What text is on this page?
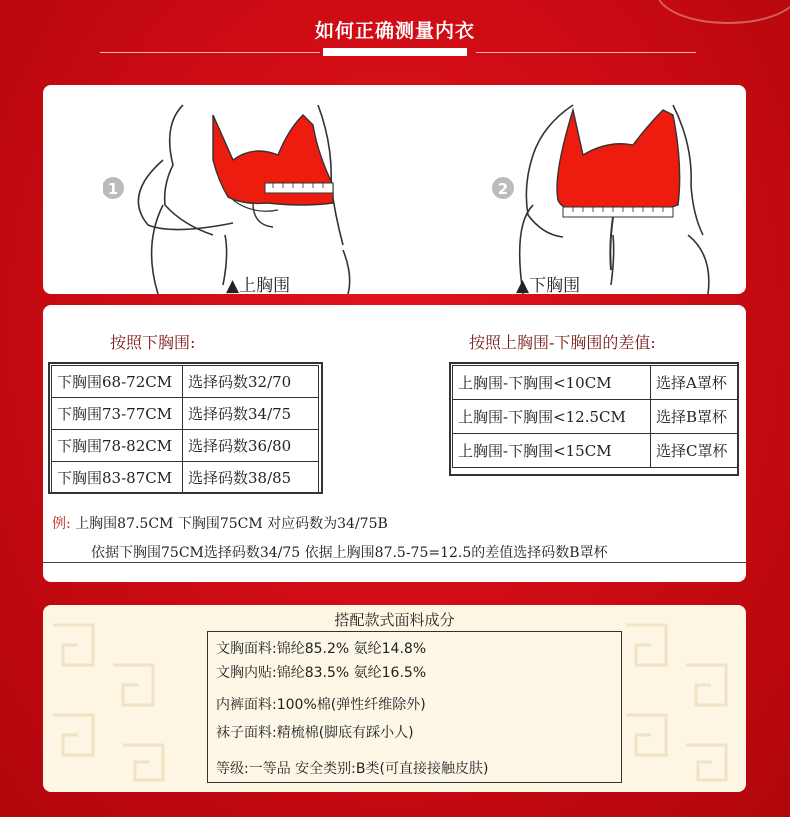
如何正确测量内衣
1
▲上胸围
2
▲下胸围
按照下胸围:	按照上胸围-下胸围的差值:
下胸围68-72CM	选择码数32/70
下胸围73-77CM	选择码数34/75
下胸围78-82CM	选择码数36/80
下胸围83-87CM	选择码数38/85
上胸围-下胸围<10CM	选择A罩杯
上胸围-下胸围<12.5CM	选择B罩杯
上胸围-下胸围<15CM	选择C罩杯
例: 上胸围87.5CM 下胸围75CM 对应码数为34/75B
依据下胸围75CM选择码数34/75 依据上胸围87.5-75=12.5的差值选择码数B罩杯
搭配款式面料成分
文胸面料:锦纶85.2% 氨纶14.8%
文胸内贴:锦纶83.5% 氨纶16.5%
内裤面料:100%棉(弹性纤维除外)
袜子面料:精梳棉(脚底有踩小人)
等级:一等品 安全类别:B类(可直接接触皮肤)
